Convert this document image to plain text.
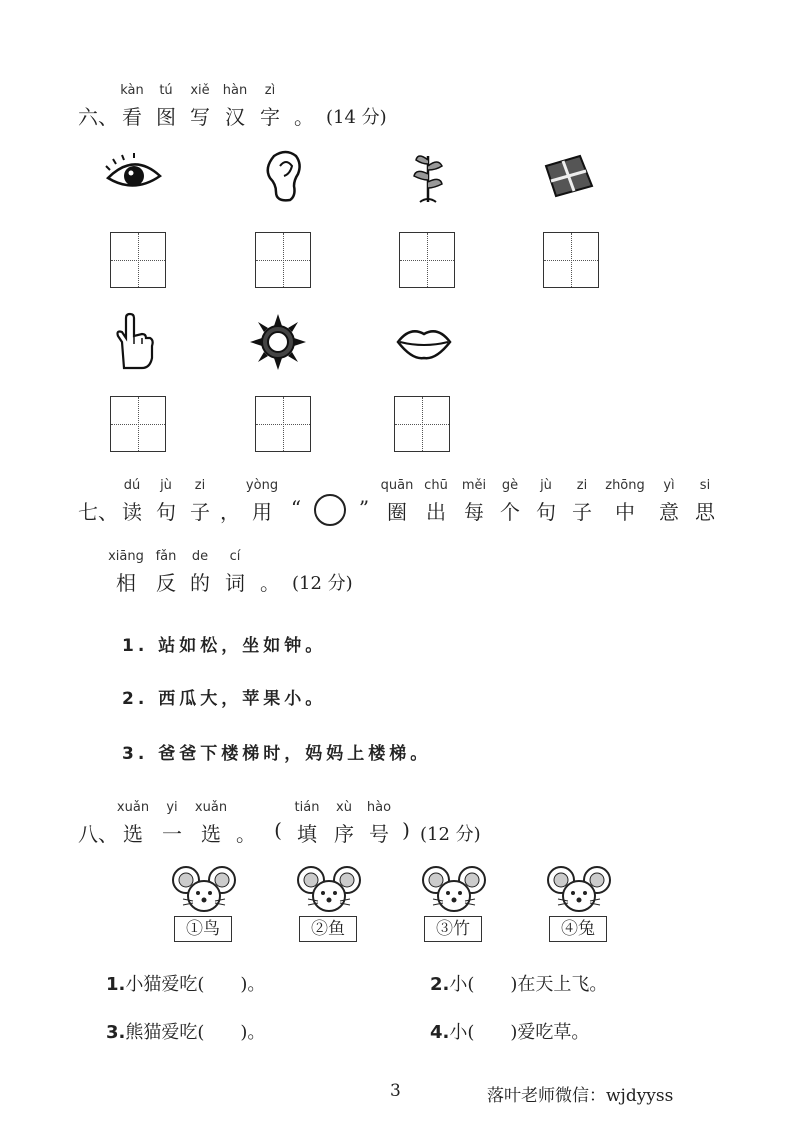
kàn tú xiě hàn zì
六、 看 图 写 汉 字 。 (14 分)
dú jù zi	yòng	quān chū měi gè jù zi zhōng yì si
七、 读 句 子 ， 用 “	” 圈 出 每 个 句 子 中 意 思
xiāng fǎn de cí
相 反 的 词 。 (12 分)
1. 站如松，坐如钟。
2. 西瓜大，苹果小。
3. 爸爸下楼梯时，妈妈上楼梯。
xuǎn yi xuǎn	tián xù hào
八、 选 一 选 。 ( 填 序 号 ) (12 分)
①鸟	②鱼	③竹	④兔
1.小猫爱吃(　　)。	2.小(　　)在天上飞。
3.熊猫爱吃(　　)。	4.小(　　)爱吃草。
3	落叶老师微信：wjdyyss
